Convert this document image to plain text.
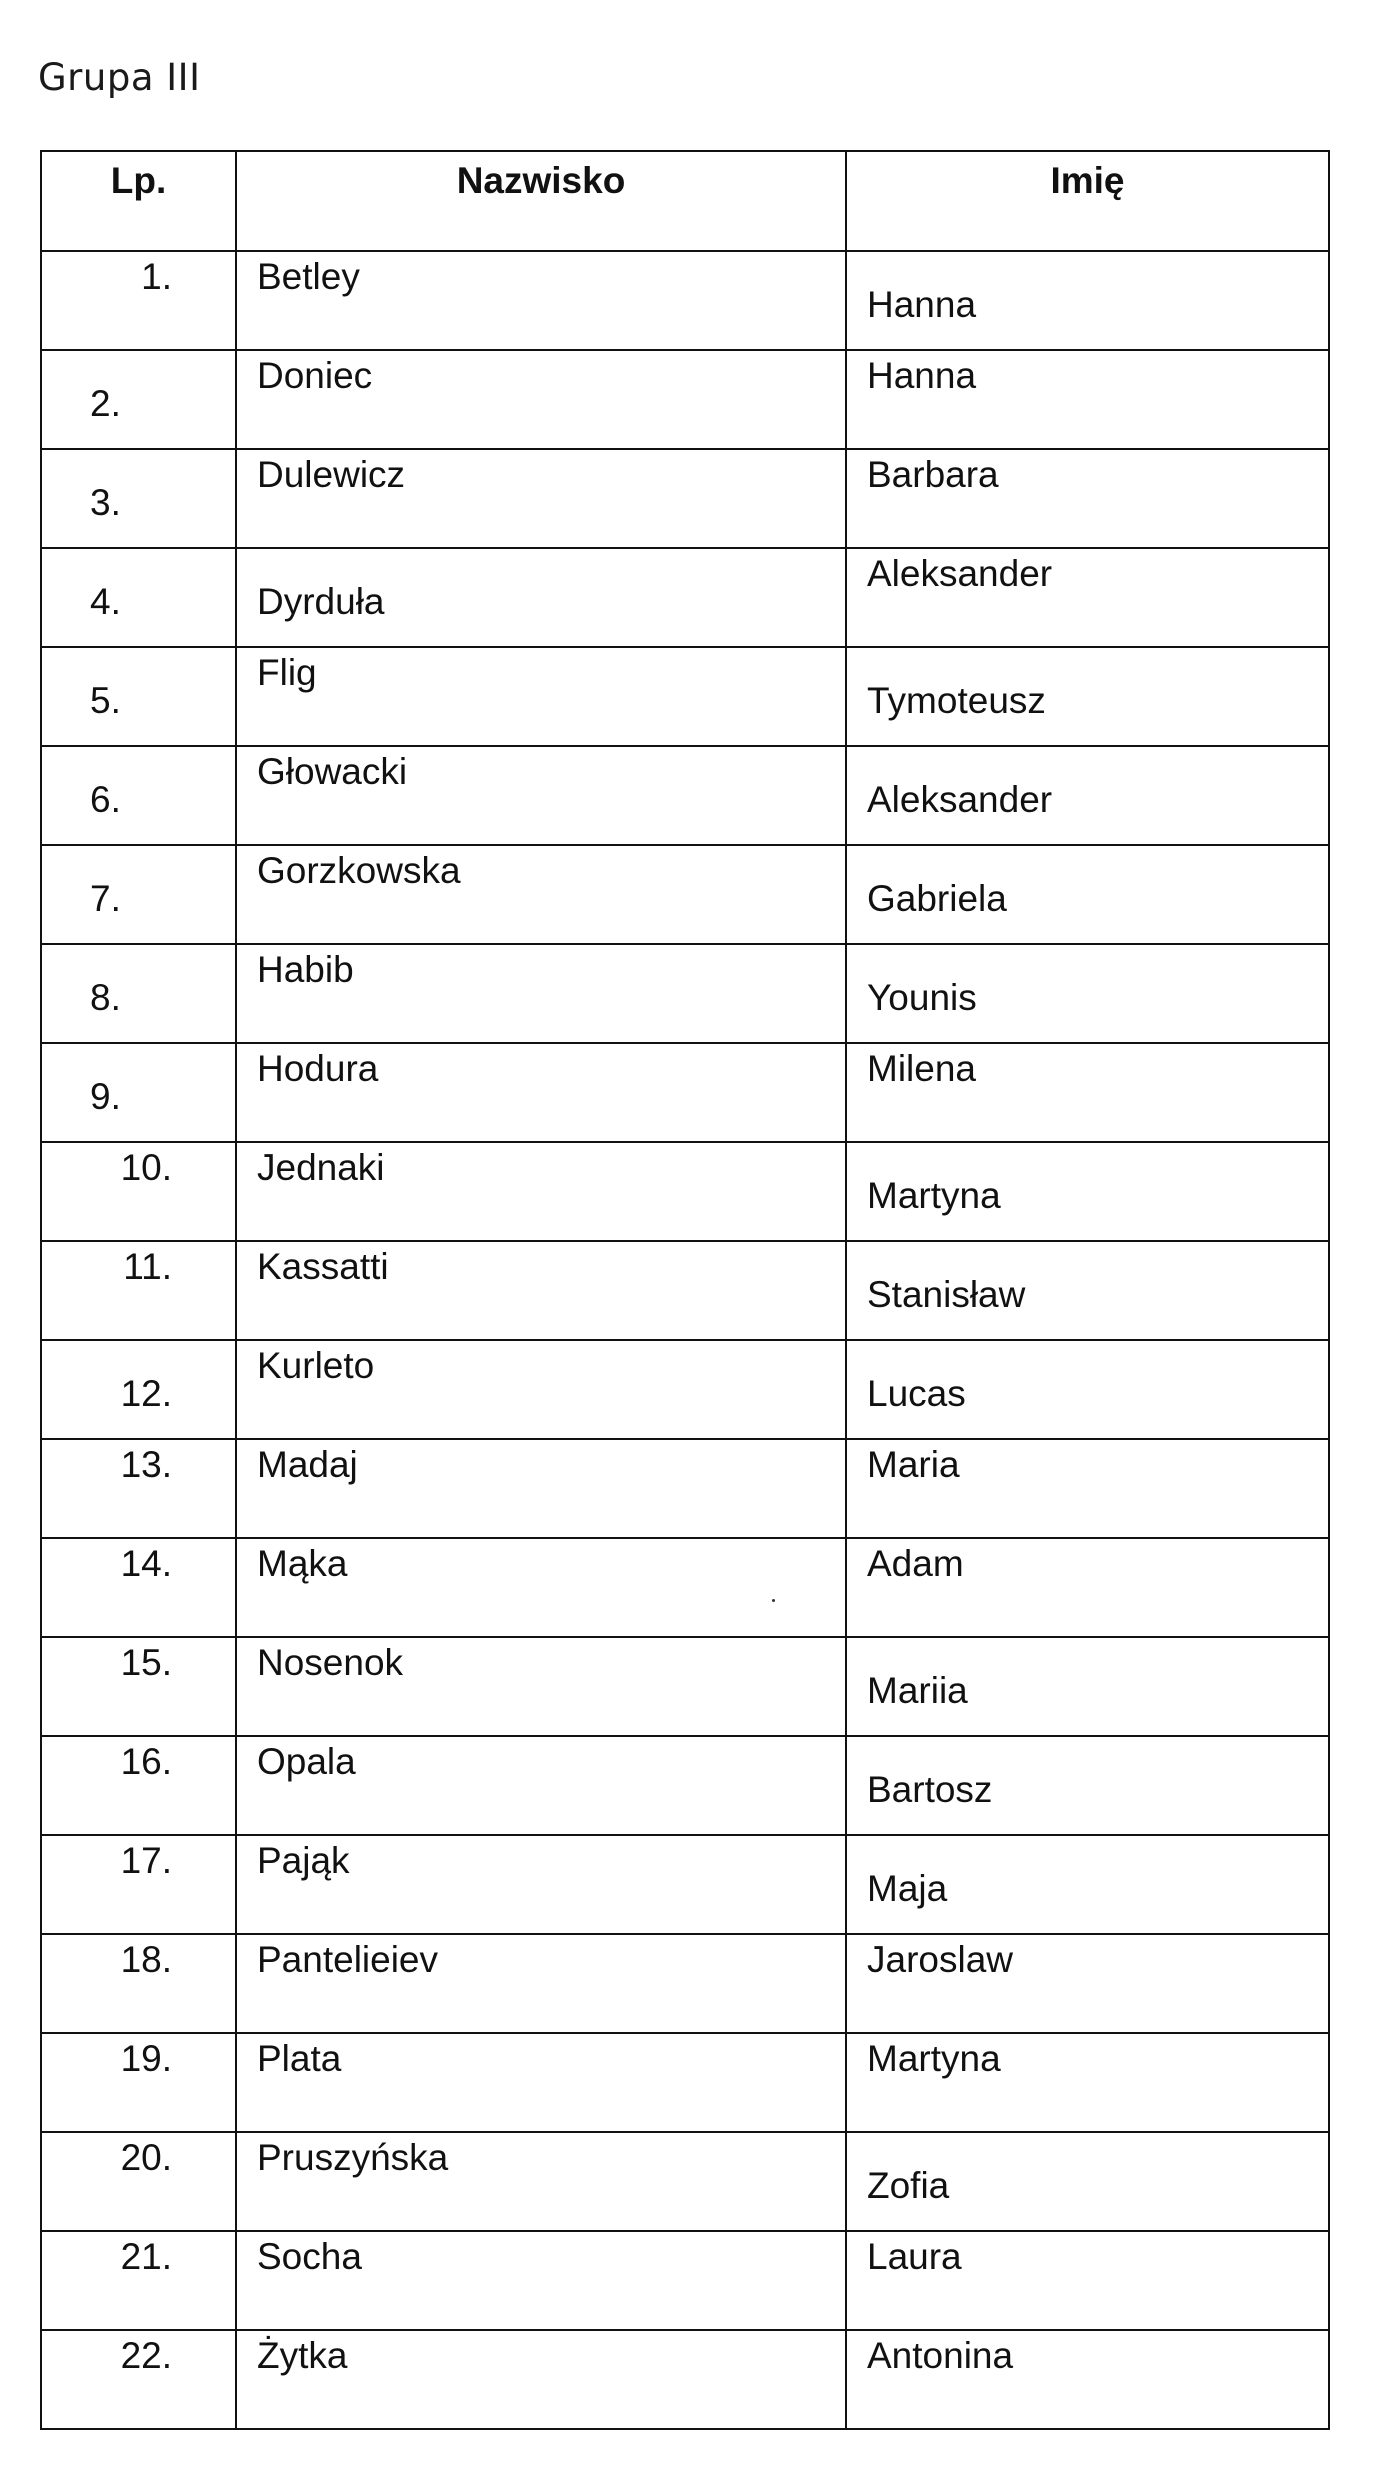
Grupa III
Lp.	Nazwisko	Imię

1.	Betley	Hanna

2.	Doniec	Hanna

3.	Dulewicz	Barbara

4.	Dyrduła	Aleksander

5.	Flig	Tymoteusz

6.	Głowacki	Aleksander

7.	Gorzkowska	Gabriela

8.	Habib	Younis

9.	Hodura	Milena

10.	Jednaki	Martyna

11.	Kassatti	Stanisław

12.	Kurleto	Lucas

13.	Madaj	Maria

14.	Mąka	Adam

15.	Nosenok	Mariia

16.	Opala	Bartosz

17.	Pająk	Maja

18.	Pantelieiev	Jaroslaw

19.	Plata	Martyna

20.	Pruszyńska	Zofia

21.	Socha	Laura

22.	Żytka	Antonina
